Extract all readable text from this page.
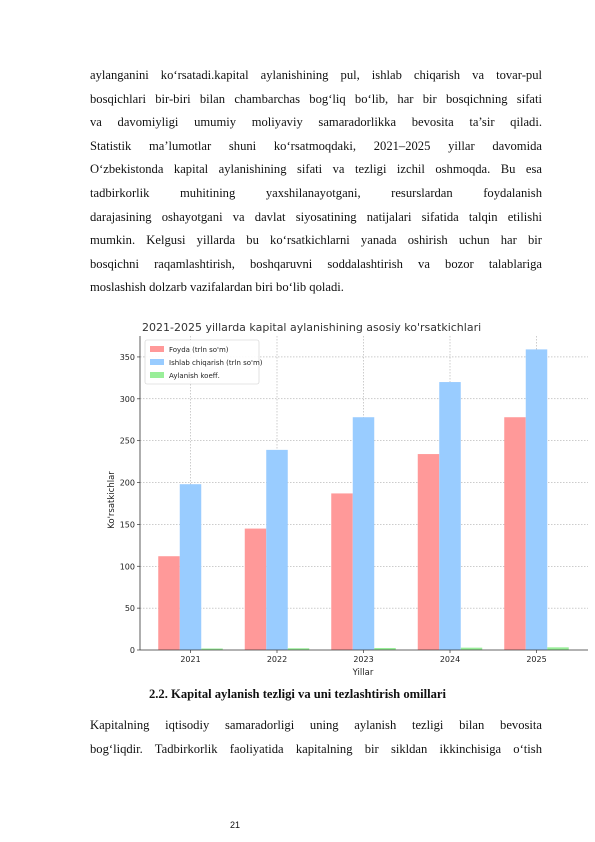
aylanganini ko‘rsatadi.kapital aylanishining pul, ishlab chiqarish va tovar-pul
bosqichlari bir-biri bilan chambarchas bog‘liq bo‘lib, har bir bosqichning sifati
va davomiyligi umumiy moliyaviy samaradorlikka bevosita ta’sir qiladi.
Statistik ma’lumotlar shuni ko‘rsatmoqdaki, 2021–2025 yillar davomida
O‘zbekistonda kapital aylanishining sifati va tezligi izchil oshmoqda. Bu esa
tadbirkorlik muhitining yaxshilanayotgani, resurslardan foydalanish
darajasining oshayotgani va davlat siyosatining natijalari sifatida talqin etilishi
mumkin. Kelgusi yillarda bu ko‘rsatkichlarni yanada oshirish uchun har bir
bosqichni raqamlashtirish, boshqaruvni soddalashtirish va bozor talablariga
moslashish dolzarb vazifalardan biri bo‘lib qoladi.
2021-2025 yillarda kapital aylanishining asosiy ko'rsatkichlari
0
50
100
150
200
250
300
350
2021	2022	2023	2024	2025
Foyda (trln so'm)
Ishlab chiqarish (trln so'm)
Aylanish koeff.
Yillar
Ko'rsatkichlar
2.2. Kapital aylanish tezligi va uni tezlashtirish omillari
Kapitalning iqtisodiy samaradorligi uning aylanish tezligi bilan bevosita
bog‘liqdir. Tadbirkorlik faoliyatida kapitalning bir sikldan ikkinchisiga o‘tish
21
